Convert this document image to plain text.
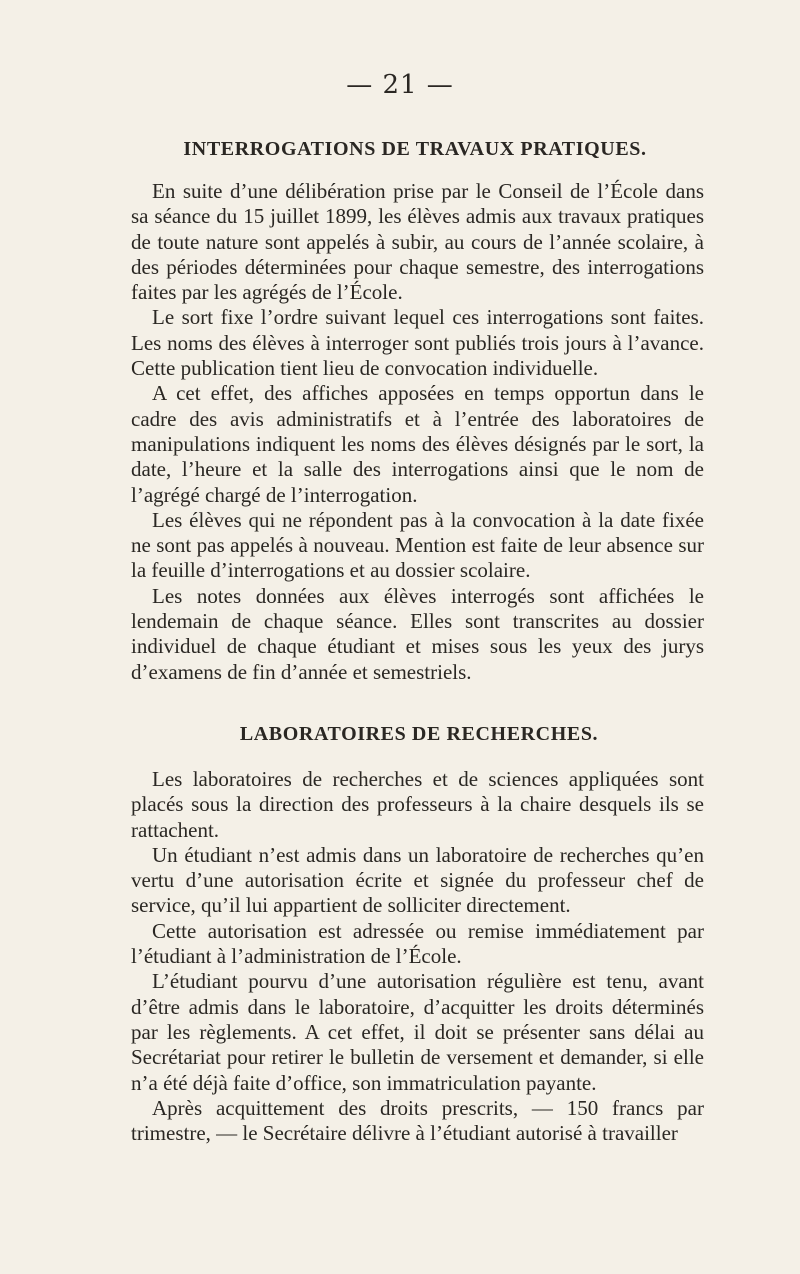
— 21 —
INTERROGATIONS DE TRAVAUX PRATIQUES.

En suite d’une délibération prise par le Conseil de l’École dans sa séance du 15 juillet 1899, les élèves admis aux travaux pratiques de toute nature sont appelés à subir, au cours de l’année scolaire, à des périodes déterminées pour chaque semestre, des interrogations faites par les agrégés de l’École.

Le sort fixe l’ordre suivant lequel ces interrogations sont faites. Les noms des élèves à interroger sont publiés trois jours à l’avance. Cette publication tient lieu de convocation individuelle.

A cet effet, des affiches apposées en temps opportun dans le cadre des avis administratifs et à l’entrée des laboratoires de manipulations indiquent les noms des élèves désignés par le sort, la date, l’heure et la salle des interrogations ainsi que le nom de l’agrégé chargé de l’interrogation.

Les élèves qui ne répondent pas à la convocation à la date fixée ne sont pas appelés à nouveau. Mention est faite de leur absence sur la feuille d’interrogations et au dossier scolaire.

Les notes données aux élèves interrogés sont affichées le lendemain de chaque séance. Elles sont transcrites au dossier individuel de chaque étudiant et mises sous les yeux des jurys d’examens de fin d’année et semestriels.

LABORATOIRES DE RECHERCHES.

Les laboratoires de recherches et de sciences appliquées sont placés sous la direction des professeurs à la chaire desquels ils se rattachent.

Un étudiant n’est admis dans un laboratoire de recherches qu’en vertu d’une autorisation écrite et signée du professeur chef de service, qu’il lui appartient de solliciter directement.

Cette autorisation est adressée ou remise immédiatement par l’étudiant à l’administration de l’École.

L’étudiant pourvu d’une autorisation régulière est tenu, avant d’être admis dans le laboratoire, d’acquitter les droits déterminés par les règlements. A cet effet, il doit se présenter sans délai au Secrétariat pour retirer le bulletin de versement et demander, si elle n’a été déjà faite d’office, son immatriculation payante.

Après acquittement des droits prescrits, — 150 francs par trimestre, — le Secrétaire délivre à l’étudiant autorisé à travailler
